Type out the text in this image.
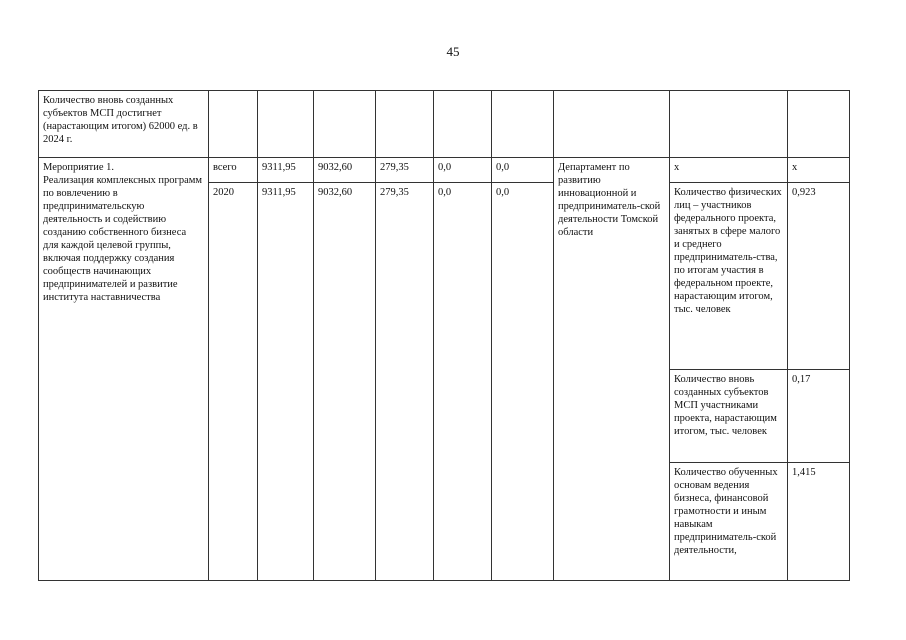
45
Количество вновь созданных субъектов МСП достигнет (нарастающим итогом) 62000 ед. в 2024 г.									
Мероприятие 1.
Реализация комплексных программ по вовлечению в предпринимательскую деятельность и содействию созданию собственного бизнеса для каждой целевой группы, включая поддержку создания сообществ начинающих предпринимателей и развитие института наставничества	всего	9311,95	9032,60	279,35	0,0	0,0	Департамент по развитию инновационной и предприниматель-ской деятельности Томской области	x	x
	2020	9311,95	9032,60	279,35	0,0	0,0		Количество физических лиц – участников федерального проекта, занятых в сфере малого и среднего предприниматель-ства, по итогам участия в федеральном проекте, нарастающим итогом, тыс. человек	0,923
								Количество вновь созданных субъектов МСП участниками проекта, нарастающим итогом, тыс. человек	0,17
								Количество обученных основам ведения бизнеса, финансовой грамотности и иным навыкам предприниматель-ской деятельности,	1,415
